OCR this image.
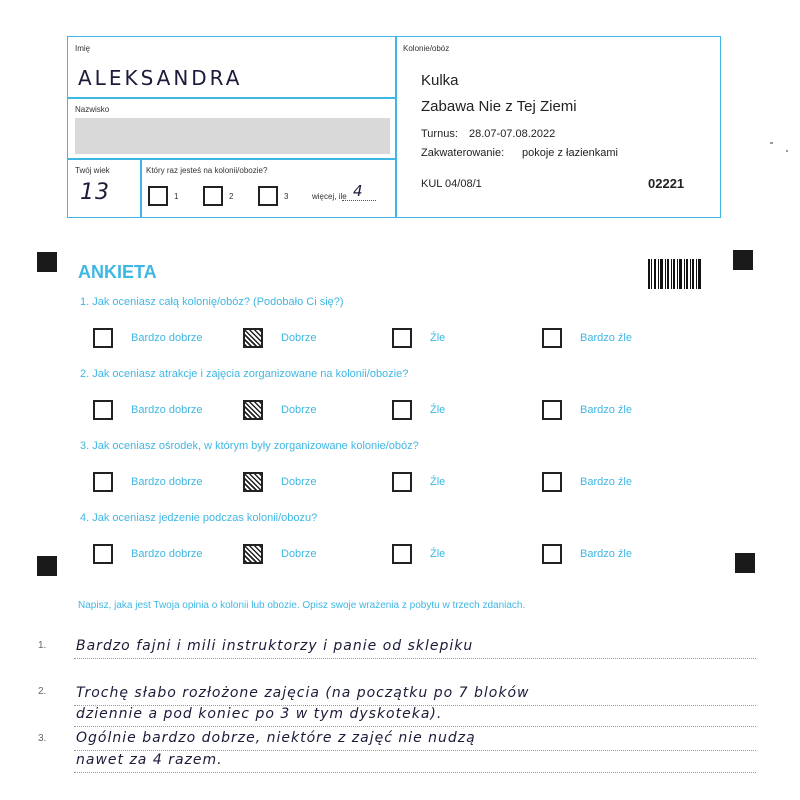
Imię
ALEKSANDRA
Nazwisko
Twój wiek
13
Który raz jesteś na kolonii/obozie?
1	2	3	więcej, ile 4
Kolonie/obóz
Kulka
Zabawa Nie z Tej Ziemi
Turnus: 28.07-07.08.2022
Zakwaterowanie: pokoje z łazienkami
KUL 04/08/1	02221
ANKIETA
1. Jak oceniasz całą kolonię/obóz? (Podobało Ci się?)
Bardzo dobrze	Dobrze	Źle	Bardzo źle
2. Jak oceniasz atrakcje i zajęcia zorganizowane na kolonii/obozie?
Bardzo dobrze	Dobrze	Źle	Bardzo źle
3. Jak oceniasz ośrodek, w którym były zorganizowane kolonie/obóz?
Bardzo dobrze	Dobrze	Źle	Bardzo źle
4. Jak oceniasz jedzenie podczas kolonii/obozu?
Bardzo dobrze	Dobrze	Źle	Bardzo źle
Napisz, jaka jest Twoja opinia o kolonii lub obozie. Opisz swoje wrażenia z pobytu w trzech zdaniach.
1. Bardzo fajni i mili instruktorzy i panie od sklepiku
2. Trochę słabo rozłożone zajęcia (na początku po 7 bloków
dziennie a pod koniec po 3 w tym dyskoteka).
3. Ogólnie bardzo dobrze, niektóre z zajęć nie nudzą
nawet za 4 razem.
